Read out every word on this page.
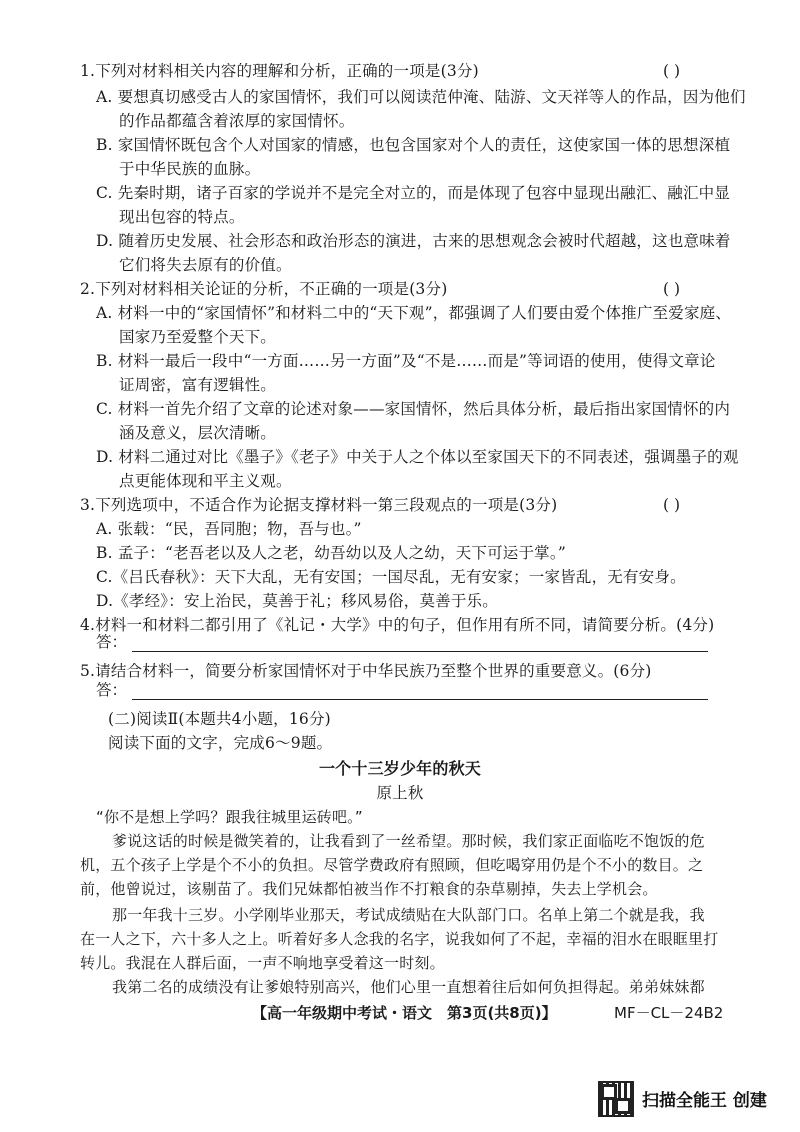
1.下列对材料相关内容的理解和分析，正确的一项是(3分)	( )
A. 要想真切感受古人的家国情怀，我们可以阅读范仲淹、陆游、文天祥等人的作品，因为他们
的作品都蕴含着浓厚的家国情怀。
B. 家国情怀既包含个人对国家的情感，也包含国家对个人的责任，这使家国一体的思想深植
于中华民族的血脉。
C. 先秦时期，诸子百家的学说并不是完全对立的，而是体现了包容中显现出融汇、融汇中显
现出包容的特点。
D. 随着历史发展、社会形态和政治形态的演进，古来的思想观念会被时代超越，这也意味着
它们将失去原有的价值。
2.下列对材料相关论证的分析，不正确的一项是(3分)	( )
A. 材料一中的“家国情怀”和材料二中的“天下观”，都强调了人们要由爱个体推广至爱家庭、
国家乃至爱整个天下。
B. 材料一最后一段中“一方面……另一方面”及“不是……而是”等词语的使用，使得文章论
证周密，富有逻辑性。
C. 材料一首先介绍了文章的论述对象——家国情怀，然后具体分析，最后指出家国情怀的内
涵及意义，层次清晰。
D. 材料二通过对比《墨子》《老子》中关于人之个体以至家国天下的不同表述，强调墨子的观
点更能体现和平主义观。
3.下列选项中，不适合作为论据支撑材料一第三段观点的一项是(3分)	( )
A. 张载：“民，吾同胞；物，吾与也。”
B. 孟子：“老吾老以及人之老，幼吾幼以及人之幼，天下可运于掌。”
C.《吕氏春秋》：天下大乱，无有安国；一国尽乱，无有安家；一家皆乱，无有安身。
D.《孝经》：安上治民，莫善于礼；移风易俗，莫善于乐。
4.材料一和材料二都引用了《礼记・大学》中的句子，但作用有所不同，请简要分析。(4分)
答：
5.请结合材料一，简要分析家国情怀对于中华民族乃至整个世界的重要意义。(6分)
答：
(二)阅读Ⅱ(本题共4小题，16分)
阅读下面的文字，完成6～9题。
一个十三岁少年的秋天
原上秋
“你不是想上学吗？跟我往城里运砖吧。”
爹说这话的时候是微笑着的，让我看到了一丝希望。那时候，我们家正面临吃不饱饭的危
机，五个孩子上学是个不小的负担。尽管学费政府有照顾，但吃喝穿用仍是个不小的数目。之
前，他曾说过，该剔苗了。我们兄妹都怕被当作不打粮食的杂草剔掉，失去上学机会。
那一年我十三岁。小学刚毕业那天，考试成绩贴在大队部门口。名单上第二个就是我，我
在一人之下，六十多人之上。听着好多人念我的名字，说我如何了不起，幸福的泪水在眼眶里打
转儿。我混在人群后面，一声不响地享受着这一时刻。
我第二名的成绩没有让爹娘特别高兴，他们心里一直想着往后如何负担得起。弟弟妹妹都
【高一年级期中考试・语文　第3页(共8页)】	MF－CL－24B2
扫描全能王 创建
